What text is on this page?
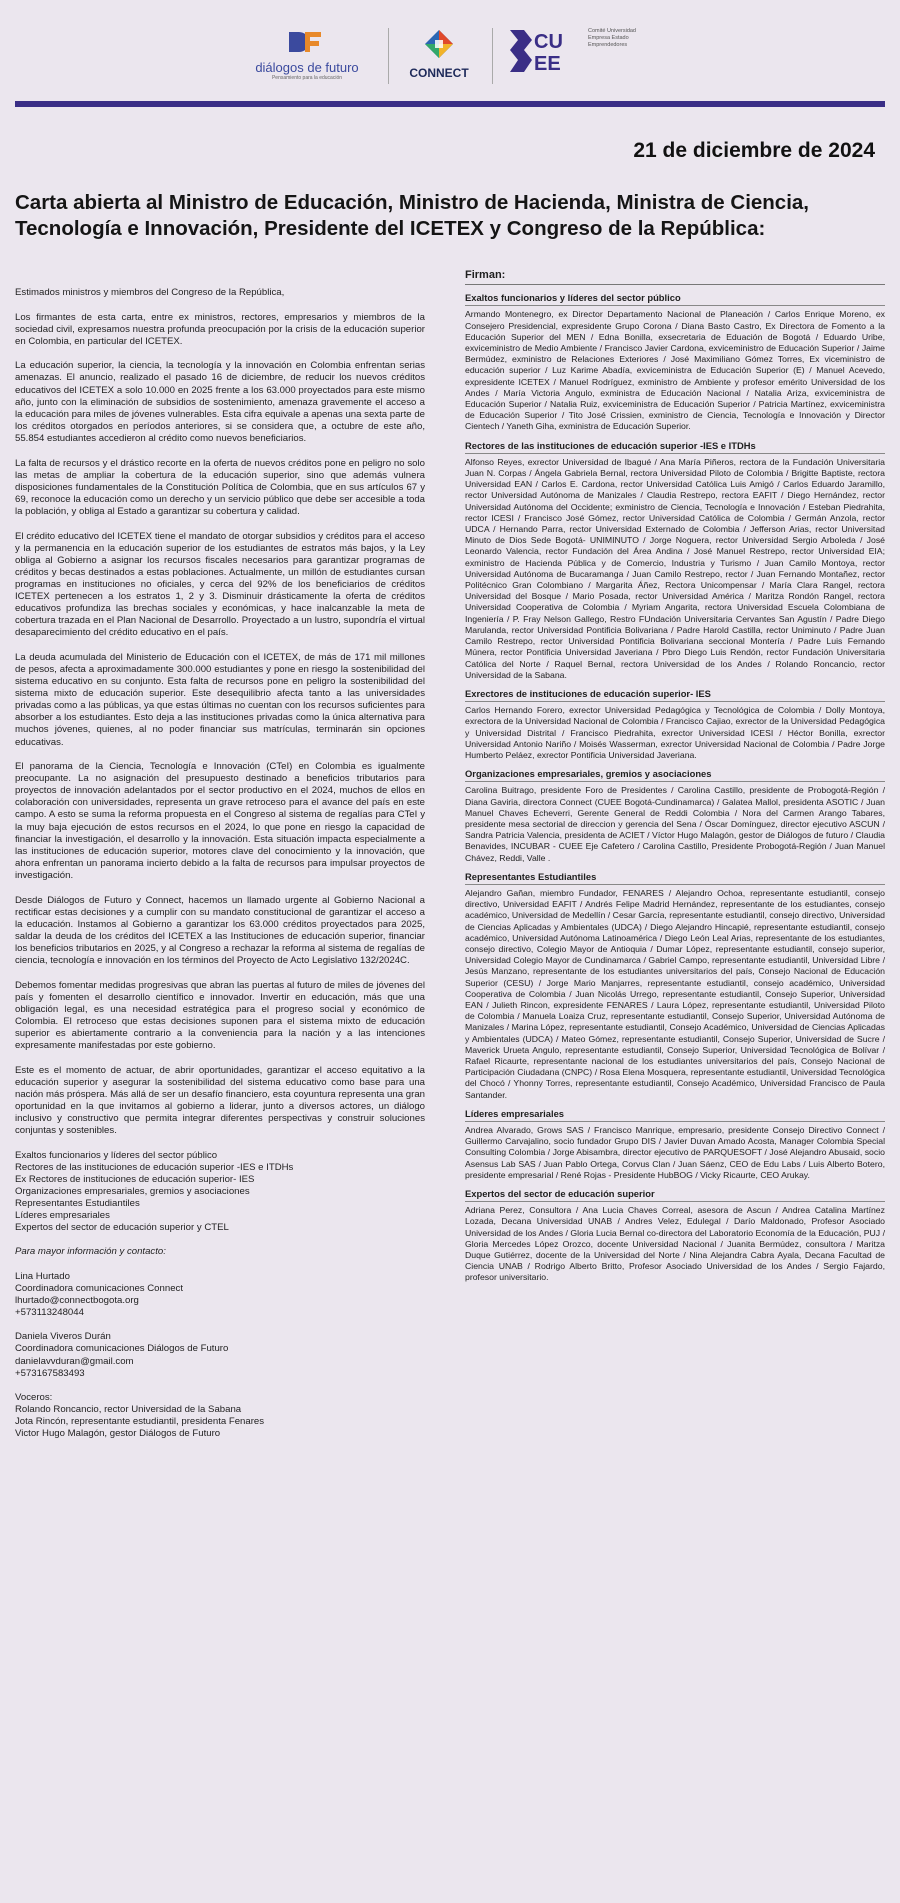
diálogos de futuro
Pensamiento para la educación	CONNECT
CU
EE
Comité Universidad Empresa Estado Emprendedores
21 de diciembre de 2024
Carta abierta al Ministro de Educación, Ministro de Hacienda, Ministra de Ciencia, Tecnología e Innovación, Presidente del ICETEX y Congreso de la República:

Estimados ministros y miembros del Congreso de la República,

Los firmantes de esta carta, entre ex ministros, rectores, empresarios y miembros de la sociedad civil, expresamos nuestra profunda preocupación por la crisis de la educación superior en Colombia, en particular del ICETEX.

La educación superior, la ciencia, la tecnología y la innovación en Colombia enfrentan serias amenazas. El anuncio, realizado el pasado 16 de diciembre, de reducir los nuevos créditos educativos del ICETEX a solo 10.000 en 2025 frente a los 63.000 proyectados para este mismo año, junto con la eliminación de subsidios de sostenimiento, amenaza gravemente el acceso a la educación para miles de jóvenes vulnerables. Esta cifra equivale a apenas una sexta parte de los créditos otorgados en períodos anteriores, si se considera que, a octubre de este año, 55.854 estudiantes accedieron al crédito como nuevos beneficiarios.

La falta de recursos y el drástico recorte en la oferta de nuevos créditos pone en peligro no solo las metas de ampliar la cobertura de la educación superior, sino que además vulnera disposiciones fundamentales de la Constitución Política de Colombia, que en sus artículos 67 y 69, reconoce la educación como un derecho y un servicio público que debe ser accesible a toda la población, y obliga al Estado a garantizar su cobertura y calidad.

El crédito educativo del ICETEX tiene el mandato de otorgar subsidios y créditos para el acceso y la permanencia en la educación superior de los estudiantes de estratos más bajos, y la Ley obliga al Gobierno a asignar los recursos fiscales necesarios para garantizar programas de créditos y becas destinados a estas poblaciones. Actualmente, un millón de estudiantes cursan programas en instituciones no oficiales, y cerca del 92% de los beneficiarios de créditos ICETEX pertenecen a los estratos 1, 2 y 3. Disminuir drásticamente la oferta de créditos educativos profundiza las brechas sociales y económicas, y hace inalcanzable la meta de cobertura trazada en el Plan Nacional de Desarrollo. Proyectado a un lustro, supondría el virtual desaparecimiento del crédito educativo en el país.

La deuda acumulada del Ministerio de Educación con el ICETEX, de más de 171 mil millones de pesos, afecta a aproximadamente 300.000 estudiantes y pone en riesgo la sostenibilidad del sistema educativo en su conjunto. Esta falta de recursos pone en peligro la sostenibilidad del sistema mixto de educación superior. Este desequilibrio afecta tanto a las universidades privadas como a las públicas, ya que estas últimas no cuentan con los recursos suficientes para absorber a los estudiantes. Esto deja a las instituciones privadas como la única alternativa para muchos jóvenes, quienes, al no poder financiar sus matrículas, terminarán sin opciones educativas.

El panorama de la Ciencia, Tecnología e Innovación (CTeI) en Colombia es igualmente preocupante. La no asignación del presupuesto destinado a beneficios tributarios para proyectos de innovación adelantados por el sector productivo en el 2024, muchos de ellos en colaboración con universidades, representa un grave retroceso para el avance del país en este campo. A esto se suma la reforma propuesta en el Congreso al sistema de regalías para CTeI y la muy baja ejecución de estos recursos en el 2024, lo que pone en riesgo la capacidad de financiar la investigación, el desarrollo y la innovación. Esta situación impacta especialmente a las instituciones de educación superior, motores clave del conocimiento y la innovación, que ahora enfrentan un panorama incierto debido a la falta de recursos para impulsar proyectos de investigación.

Desde Diálogos de Futuro y Connect, hacemos un llamado urgente al Gobierno Nacional a rectificar estas decisiones y a cumplir con su mandato constitucional de garantizar el acceso a la educación. Instamos al Gobierno a garantizar los 63.000 créditos proyectados para 2025, saldar la deuda de los créditos del ICETEX a las Instituciones de educación superior, financiar los beneficios tributarios en 2025, y al Congreso a rechazar la reforma al sistema de regalías de ciencia, tecnología e innovación en los términos del Proyecto de Acto Legislativo 132/2024C.

Debemos fomentar medidas progresivas que abran las puertas al futuro de miles de jóvenes del país y fomenten el desarrollo científico e innovador. Invertir en educación, más que una obligación legal, es una necesidad estratégica para el progreso social y económico de Colombia. El retroceso que estas decisiones suponen para el sistema mixto de educación superior es abiertamente contrario a la conveniencia para la nación y a las intenciones expresamente manifestadas por este gobierno.

Este es el momento de actuar, de abrir oportunidades, garantizar el acceso equitativo a la educación superior y asegurar la sostenibilidad del sistema educativo como base para una nación más próspera. Más allá de ser un desafío financiero, esta coyuntura representa una gran oportunidad en la que invitamos al gobierno a liderar, junto a diversos actores, un diálogo inclusivo y constructivo que permita integrar diferentes perspectivas y construir soluciones conjuntas y sostenibles.

Exaltos funcionarios y líderes del sector público

Rectores de las instituciones de educación superior -IES e ITDHs

Ex Rectores de instituciones de educación superior- IES

Organizaciones empresariales, gremios y asociaciones

Representantes Estudiantiles

Líderes empresariales

Expertos del sector de educación superior y CTEL

Para mayor información y contacto:

Lina Hurtado

Coordinadora comunicaciones Connect

lhurtado@connectbogota.org

+573113248044

Daniela Viveros Durán

Coordinadora comunicaciones Diálogos de Futuro

danielavvduran@gmail.com

+573167583493

Voceros:

Rolando Roncancio, rector Universidad de la Sabana

Jota Rincón, representante estudiantil, presidenta Fenares

Victor Hugo Malagón, gestor Diálogos de Futuro

Firman:
Exaltos funcionarios y líderes del sector público

Armando Montenegro, ex Director Departamento Nacional de Planeación / Carlos Enrique Moreno, ex Consejero Presidencial, expresidente Grupo Corona / Diana Basto Castro, Ex Directora de Fomento a la Educación Superior del MEN / Edna Bonilla, exsecretaria de Eduación de Bogotá / Eduardo Uribe, exviceministro de Medio Ambiente / Francisco Javier Cardona, exviceministro de Educación Superior / Jaime Bermúdez, exministro de Relaciones Exteriores / José Maximiliano Gómez Torres, Ex viceministro de educación superior / Luz Karime Abadía, exviceministra de Educación Superior (E) / Manuel Acevedo, expresidente ICETEX / Manuel Rodríguez, exministro de Ambiente y profesor emérito Universidad de los Andes / María Victoria Angulo, exministra de Educación Nacional / Natalia Ariza, exviceministra de Educación Superior / Natalia Ruiz, exviceministra de Educación Superior / Patricia Martínez, exviceministra de Educación Superior / Tito José Crissien, exministro de Ciencia, Tecnología e Innovación y Director Cientech / Yaneth Giha, exministra de Educación Superior.

Rectores de las instituciones de educación superior -IES e ITDHs

Alfonso Reyes, exrector Universidad de Ibagué / Ana María Piñeros, rectora de la Fundación Universitaria Juan N. Corpas / Ángela Gabriela Bernal, rectora Universidad Piloto de Colombia / Brigitte Baptiste, rectora Universidad EAN / Carlos E. Cardona, rector Universidad Católica Luis Amigó / Carlos Eduardo Jaramillo, rector Universidad Autónoma de Manizales / Claudia Restrepo, rectora EAFIT / Diego Hernández, rector Universidad Autónoma del Occidente; exministro de Ciencia, Tecnología e Innovación / Esteban Piedrahita, rector ICESI / Francisco José Gómez, rector Universidad Católica de Colombia / Germán Anzola, rector UDCA / Hernando Parra, rector Universidad Externado de Colombia / Jefferson Arias, rector Universitad Minuto de Dios Sede Bogotá- UNIMINUTO / Jorge Noguera, rector Universidad Sergio Arboleda / José Leonardo Valencia, rector Fundación del Área Andina / José Manuel Restrepo, rector Universidad EIA; exministro de Hacienda Pública y de Comercio, Industria y Turismo / Juan Camilo Montoya, rector Universidad Autónoma de Bucaramanga / Juan Camilo Restrepo, rector / Juan Fernando Montañez, rector Politécnico Gran Colombiano / Margarita Áñez, Rectora Unicompensar / María Clara Rangel, rectora Universidad del Bosque / Mario Posada, rector Universidad América / Maritza Rondón Rangel, rectora Universidad Cooperativa de Colombia / Myriam Angarita, rectora Universidad Escuela Colombiana de Ingeniería / P. Fray Nelson Gallego, Restro FUndación Universitaria Cervantes San Agustín / Padre Diego Marulanda, rector Universidad Pontificia Bolivariana / Padre Harold Castilla, rector Uniminuto / Padre Juan Camilo Restrepo, rector Universidad Pontificia Bolivariana seccional Montería / Padre Luis Fernando Múnera, rector Pontificia Universidad Javeriana / Pbro Diego Luis Rendón, rector Fundación Universitaria Católica del Norte / Raquel Bernal, rectora Universidad de los Andes / Rolando Roncancio, rector Universidad de la Sabana.

Exrectores de instituciones de educación superior- IES

Carlos Hernando Forero, exrector Universidad Pedagógica y Tecnológica de Colombia / Dolly Montoya, exrectora de la Universidad Nacional de Colombia / Francisco Cajiao, exrector de la Universidad Pedagógica y Universidad Distrital / Francisco Piedrahita, exrector Universidad ICESI / Héctor Bonilla, exrector Universidad Antonio Nariño / Moisés Wasserman, exrector Universidad Nacional de Colombia / Padre Jorge Humberto Peláez, exrector Pontificia Universidad Javeriana.

Organizaciones empresariales, gremios y asociaciones

Carolina Buitrago, presidente Foro de Presidentes / Carolina Castillo, presidente de Probogotá-Región / Diana Gaviria, directora Connect (CUEE Bogotá-Cundinamarca) / Galatea Mallol, presidenta ASOTIC / Juan Manuel Chaves Echeverri, Gerente General de Reddi Colombia / Nora del Carmen Arango Tabares, presidente mesa sectorial de direccion y gerencia del Sena / Óscar Domínguez, director ejecutivo ASCUN / Sandra Patricia Valencia, presidenta de ACIET / Víctor Hugo Malagón, gestor de Diálogos de futuro / Claudia Benavides, INCUBAR - CUEE Eje Cafetero / Carolina Castillo, Presidente Probogotá-Región / Juan Manuel Chávez, Reddi, Valle .

Representantes Estudiantiles

Alejandro Gañan, miembro Fundador, FENARES / Alejandro Ochoa, representante estudiantil, consejo directivo, Universidad EAFIT / Andrés Felipe Madrid Hernández, representante de los estudiantes, consejo académico, Universidad de Medellín / Cesar García, representante estudiantil, consejo directivo, Universidad de Ciencias Aplicadas y Ambientales (UDCA) / Diego Alejandro Hincapié, representante estudiantil, consejo académico, Universidad Autónoma Latinoamérica / Diego León Leal Arias, representante de los estudiantes, consejo directivo, Colegio Mayor de Antioquia / Dumar López, representante estudiantil, consejo superior, Universidad Colegio Mayor de Cundinamarca / Gabriel Campo, representante estudiantil, Universidad Libre / Jesús Manzano, representante de los estudiantes universitarios del país, Consejo Nacional de Educación Superior (CESU) / Jorge Mario Manjarres, representante estudiantil, consejo académico, Universidad Cooperativa de Colombia / Juan Nicolás Urrego, representante estudiantil, Consejo Superior, Universidad EAN / Julieth Rincon, expresidente FENARES / Laura López, representante estudiantil, Universidad Piloto de Colombia / Manuela Loaiza Cruz, representante estudiantil, Consejo Superior, Universidad Autónoma de Manizales / Marina López, representante estudiantil, Consejo Académico, Universidad de Ciencias Aplicadas y Ambientales (UDCA) / Mateo Gómez, representante estudiantil, Consejo Superior, Universidad de Sucre / Maverick Urueta Angulo, representante estudiantil, Consejo Superior, Universidad Tecnológica de Bolívar / Rafael Ricaurte, representante nacional de los estudiantes universitarios del país, Consejo Nacional de Participación Ciudadana (CNPC) / Rosa Elena Mosquera, representante estudiantil, Universidad Tecnológica del Chocó / Yhonny Torres, representante estudiantil, Consejo Académico, Universidad Francisco de Paula Santander.

Líderes empresariales

Andrea Alvarado, Grows SAS / Francisco Manrique, empresario, presidente Consejo Directivo Connect / Guillermo Carvajalino, socio fundador Grupo DIS / Javier Duvan Amado Acosta, Manager Colombia Special Consulting Colombia / Jorge Abisambra, director ejecutivo de PARQUESOFT / José Alejandro Abusaid, socio Asensus Lab SAS / Juan Pablo Ortega, Corvus Clan / Juan Sáenz, CEO de Edu Labs / Luis Alberto Botero, presidente empresarial / René Rojas - Presidente HubBOG / Vicky Ricaurte, CEO Arukay.

Expertos del sector de educación superior

Adriana Perez, Consultora / Ana Lucia Chaves Correal, asesora de Ascun / Andrea Catalina Martínez Lozada, Decana Universidad UNAB / Andres Velez, Edulegal / Darío Maldonado, Profesor Asociado Universidad de los Andes / Gloria Lucia Bernal co-directora del Laboratorio Economía de la Educación, PUJ / Gloria Mercedes López Orozco, docente Universidad Nacional / Juanita Bermúdez, consultora / Maritza Duque Gutiérrez, docente de la Universidad del Norte / Nina Alejandra Cabra Ayala, Decana Facultad de Ciencia UNAB / Rodrigo Alberto Britto, Profesor Asociado Universidad de los Andes / Sergio Fajardo, profesor universitario.
